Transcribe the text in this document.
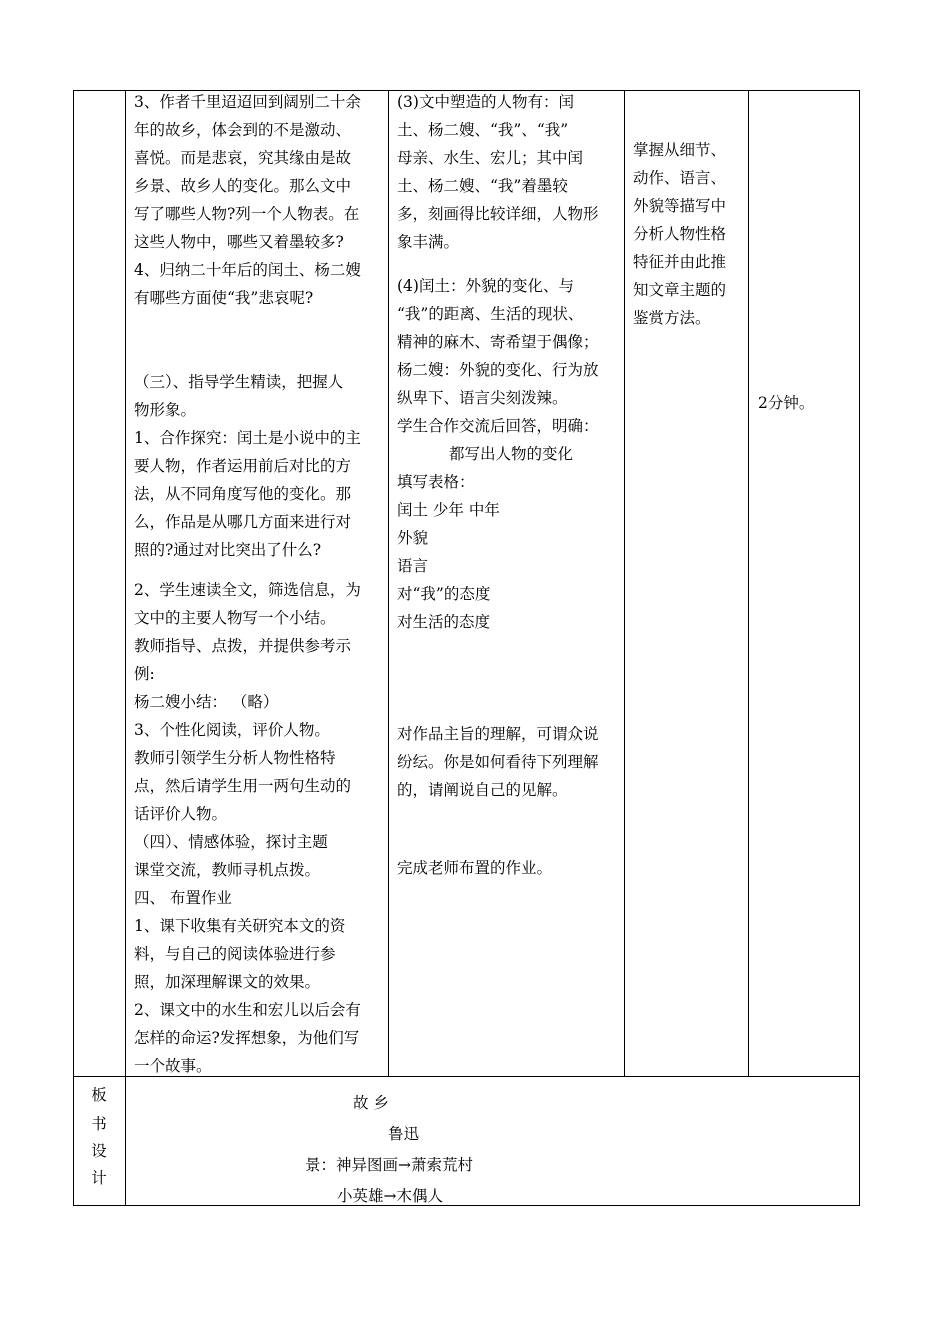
3、作者千里迢迢回到阔别二十余
年的故乡，体会到的不是激动、
喜悦。而是悲哀，究其缘由是故
乡景、故乡人的变化。那么文中
写了哪些人物?列一个人物表。在
这些人物中，哪些又着墨较多?
4、归纳二十年后的闰土、杨二嫂
有哪些方面使“我”悲哀呢?
（三）、指导学生精读，把握人
物形象。
1、合作探究：闰土是小说中的主
要人物，作者运用前后对比的方
法，从不同角度写他的变化。那
么，作品是从哪几方面来进行对
照的?通过对比突出了什么?
2、学生速读全文，筛选信息，为
文中的主要人物写一个小结。
教师指导、点拨，并提供参考示
例:
杨二嫂小结： （略）
3、个性化阅读，评价人物。
教师引领学生分析人物性格特
点，然后请学生用一两句生动的
话评价人物。
（四）、情感体验，探讨主题
课堂交流，教师寻机点拨。
四、 布置作业
1、课下收集有关研究本文的资
料，与自己的阅读体验进行参
照，加深理解课文的效果。
2、课文中的水生和宏儿以后会有
怎样的命运?发挥想象，为他们写
一个故事。
(3)文中塑造的人物有：闰
土、杨二嫂、“我”、“我”
母亲、水生、宏儿；其中闰
土、杨二嫂、“我”着墨较
多，刻画得比较详细，人物形
象丰满。
(4)闰土：外貌的变化、与
“我”的距离、生活的现状、
精神的麻木、寄希望于偶像；
杨二嫂：外貌的变化、行为放
纵卑下、语言尖刻泼辣。
学生合作交流后回答，明确：
都写出人物的变化
填写表格：
闰土 少年 中年
外貌
语言
对“我”的态度
对生活的态度
对作品主旨的理解，可谓众说
纷纭。你是如何看待下列理解
的，请阐说自己的见解。
完成老师布置的作业。
掌握从细节、
动作、语言、
外貌等描写中
分析人物性格
特征并由此推
知文章主题的
鉴赏方法。
2分钟。
板
书
设
计
故 乡
鲁迅
景：神异图画→萧索荒村
小英雄→木偶人
